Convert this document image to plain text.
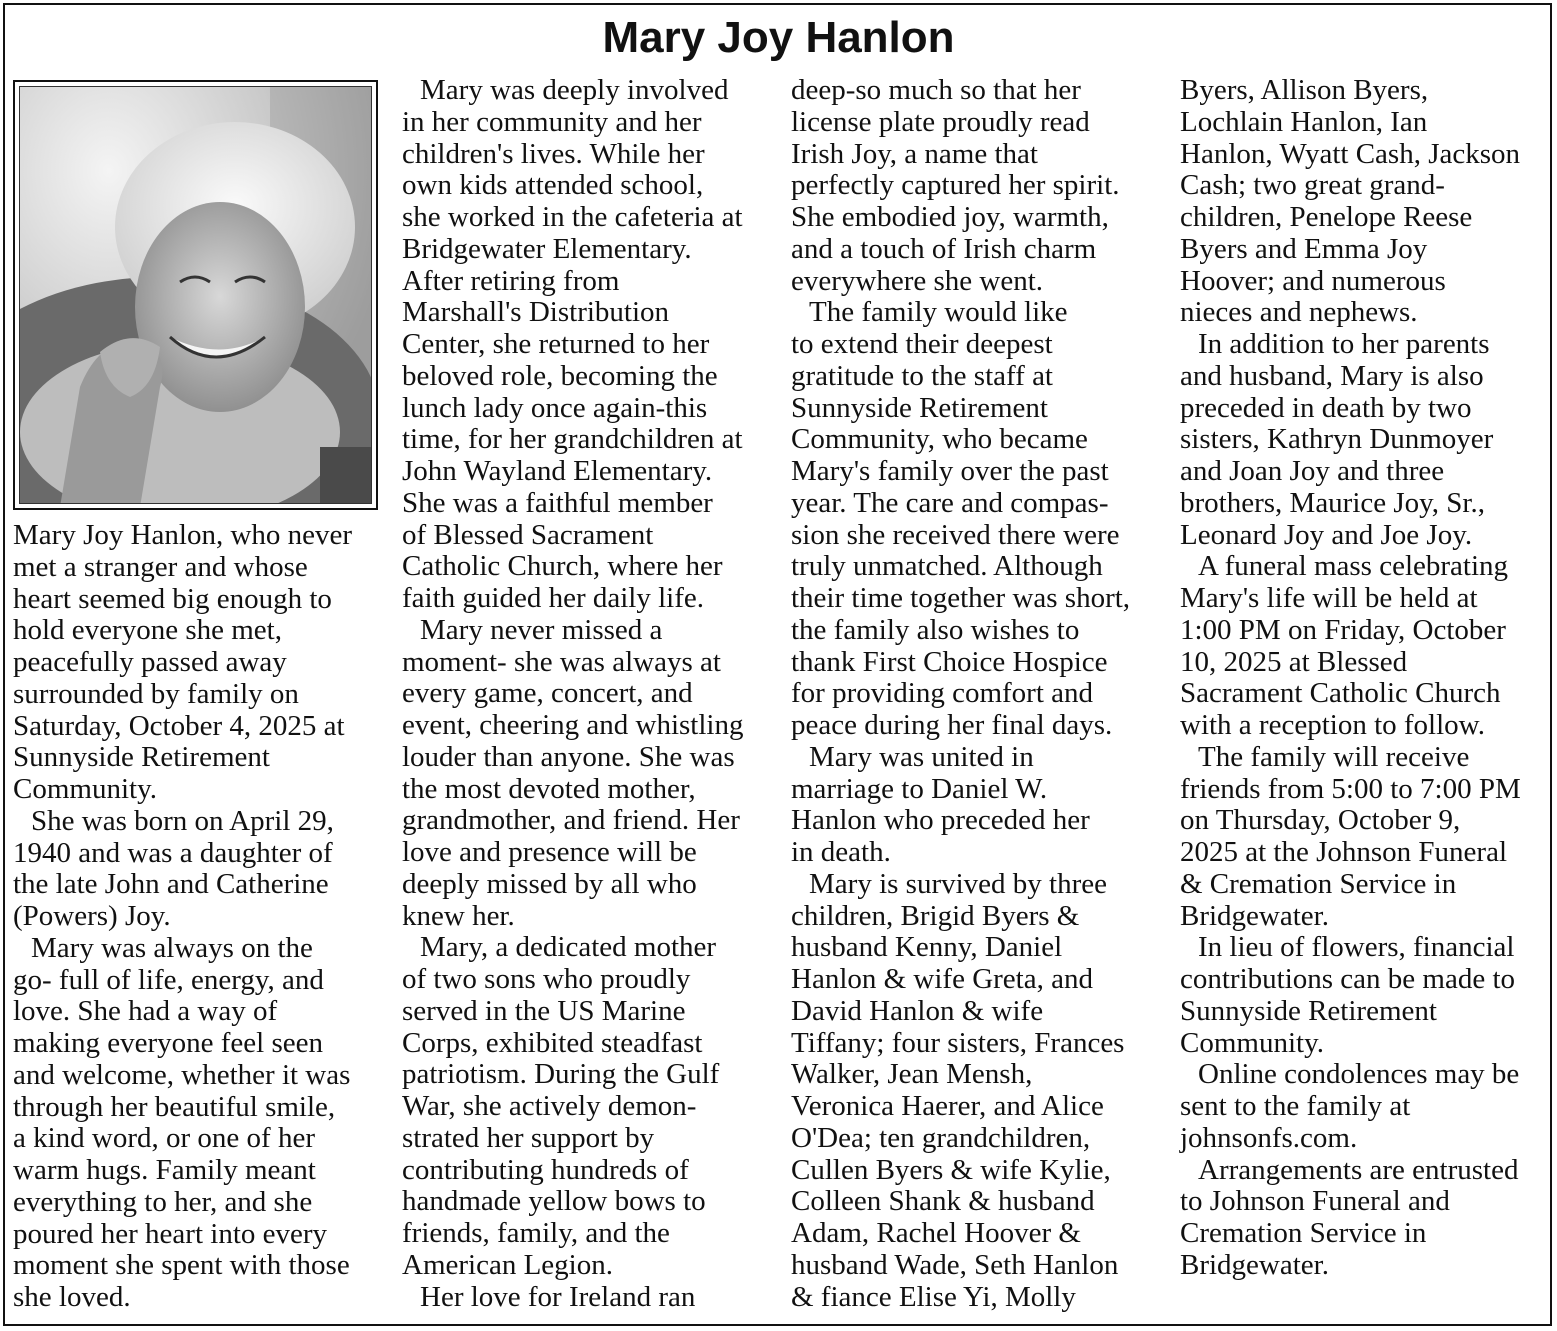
Mary Joy Hanlon
Mary Joy Hanlon, who never
met a stranger and whose
heart seemed big enough to
hold everyone she met,
peacefully passed away
surrounded by family on
Saturday, October 4, 2025 at
Sunnyside Retirement
Community.
She was born on April 29,
1940 and was a daughter of
the late John and Catherine
(Powers) Joy.
Mary was always on the
go- full of life, energy, and
love. She had a way of
making everyone feel seen
and welcome, whether it was
through her beautiful smile,
a kind word, or one of her
warm hugs. Family meant
everything to her, and she
poured her heart into every
moment she spent with those
she loved.
Mary was deeply involved
in her community and her
children's lives. While her
own kids attended school,
she worked in the cafeteria at
Bridgewater Elementary.
After retiring from
Marshall's Distribution
Center, she returned to her
beloved role, becoming the
lunch lady once again-this
time, for her grandchildren at
John Wayland Elementary.
She was a faithful member
of Blessed Sacrament
Catholic Church, where her
faith guided her daily life.
Mary never missed a
moment- she was always at
every game, concert, and
event, cheering and whistling
louder than anyone. She was
the most devoted mother,
grandmother, and friend. Her
love and presence will be
deeply missed by all who
knew her.
Mary, a dedicated mother
of two sons who proudly
served in the US Marine
Corps, exhibited steadfast
patriotism. During the Gulf
War, she actively demon-
strated her support by
contributing hundreds of
handmade yellow bows to
friends, family, and the
American Legion.
Her love for Ireland ran
deep-so much so that her
license plate proudly read
Irish Joy, a name that
perfectly captured her spirit.
She embodied joy, warmth,
and a touch of Irish charm
everywhere she went.
The family would like
to extend their deepest
gratitude to the staff at
Sunnyside Retirement
Community, who became
Mary's family over the past
year. The care and compas-
sion she received there were
truly unmatched. Although
their time together was short,
the family also wishes to
thank First Choice Hospice
for providing comfort and
peace during her final days.
Mary was united in
marriage to Daniel W.
Hanlon who preceded her
in death.
Mary is survived by three
children, Brigid Byers &
husband Kenny, Daniel
Hanlon & wife Greta, and
David Hanlon & wife
Tiffany; four sisters, Frances
Walker, Jean Mensh,
Veronica Haerer, and Alice
O'Dea; ten grandchildren,
Cullen Byers & wife Kylie,
Colleen Shank & husband
Adam, Rachel Hoover &
husband Wade, Seth Hanlon
& fiance Elise Yi, Molly
Byers, Allison Byers,
Lochlain Hanlon, Ian
Hanlon, Wyatt Cash, Jackson
Cash; two great grand-
children, Penelope Reese
Byers and Emma Joy
Hoover; and numerous
nieces and nephews.
In addition to her parents
and husband, Mary is also
preceded in death by two
sisters, Kathryn Dunmoyer
and Joan Joy and three
brothers, Maurice Joy, Sr.,
Leonard Joy and Joe Joy.
A funeral mass celebrating
Mary's life will be held at
1:00 PM on Friday, October
10, 2025 at Blessed
Sacrament Catholic Church
with a reception to follow.
The family will receive
friends from 5:00 to 7:00 PM
on Thursday, October 9,
2025 at the Johnson Funeral
& Cremation Service in
Bridgewater.
In lieu of flowers, financial
contributions can be made to
Sunnyside Retirement
Community.
Online condolences may be
sent to the family at
johnsonfs.com.
Arrangements are entrusted
to Johnson Funeral and
Cremation Service in
Bridgewater.
